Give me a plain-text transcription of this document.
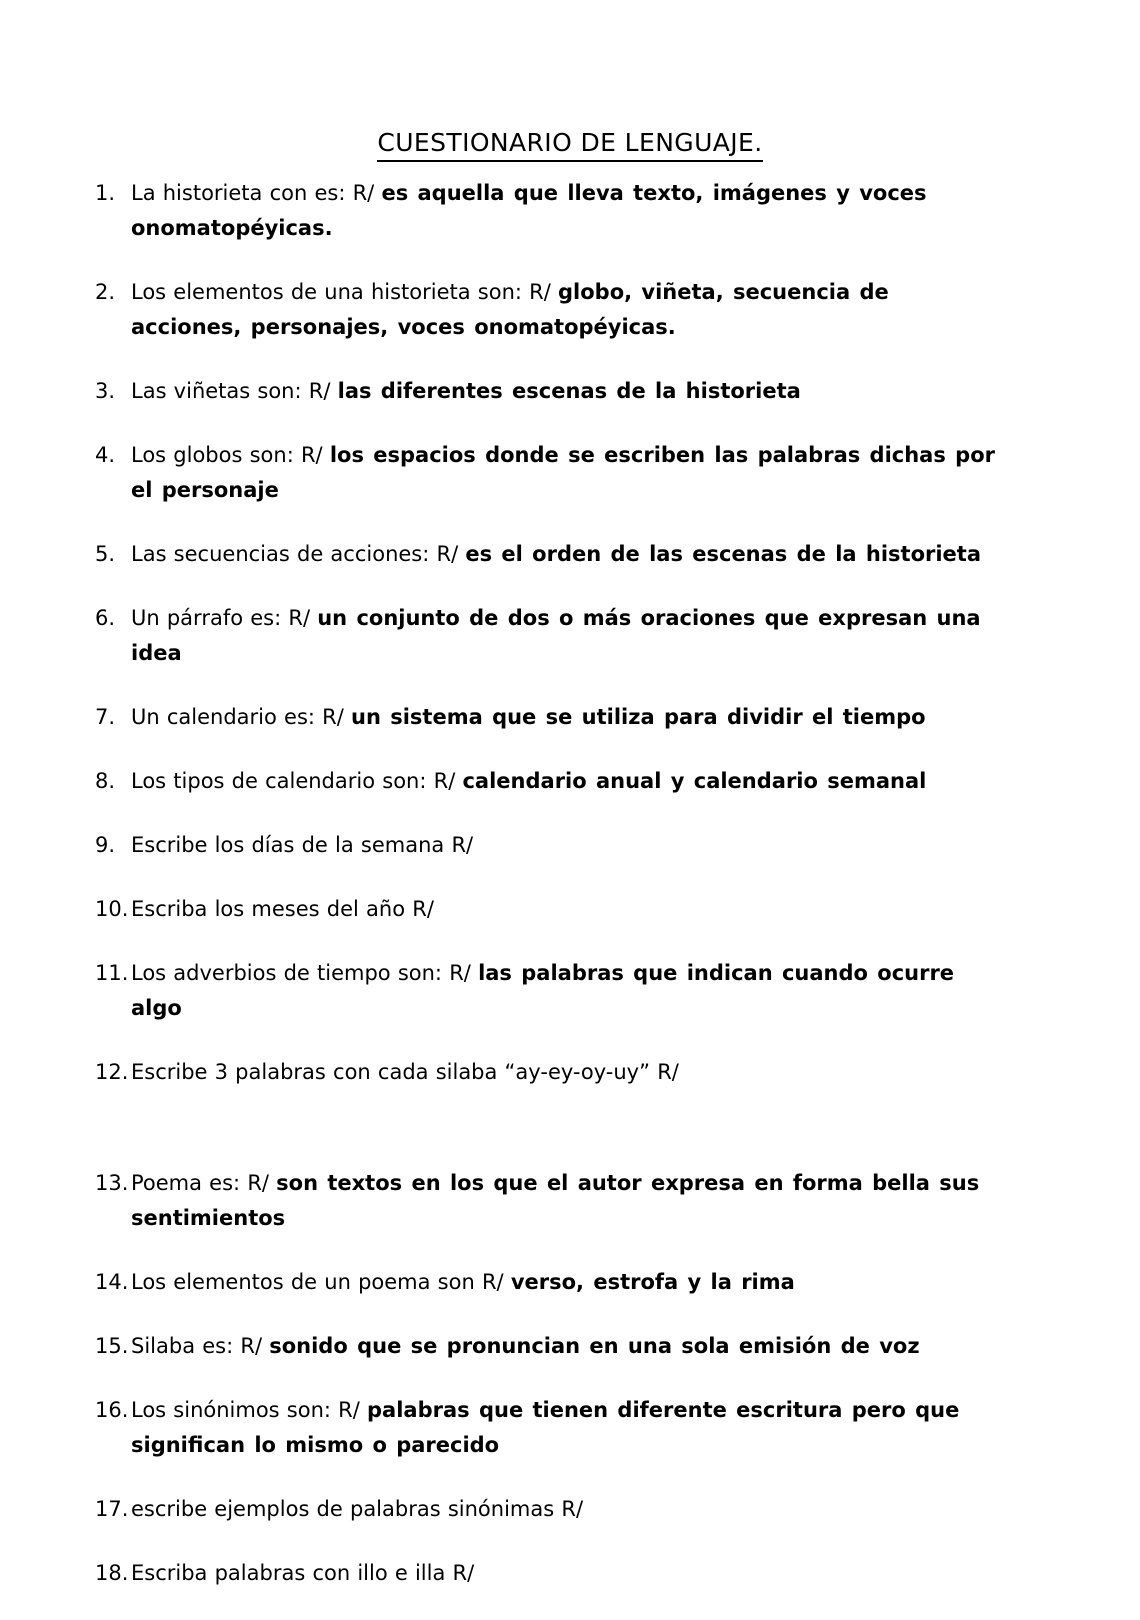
CUESTIONARIO DE LENGUAJE.
1. La historieta con es: R/ es aquella que lleva texto, imágenes y voces onomatopéyicas.
2. Los elementos de una historieta son: R/ globo, viñeta, secuencia de acciones, personajes, voces onomatopéyicas.
3. Las viñetas son: R/ las diferentes escenas de la historieta
4. Los globos son: R/ los espacios donde se escriben las palabras dichas por el personaje
5. Las secuencias de acciones: R/ es el orden de las escenas de la historieta
6. Un párrafo es: R/ un conjunto de dos o más oraciones que expresan una idea
7. Un calendario es: R/ un sistema que se utiliza para dividir el tiempo
8. Los tipos de calendario son: R/ calendario anual y calendario semanal
9. Escribe los días de la semana R/
10. Escriba los meses del año R/
11. Los adverbios de tiempo son: R/ las palabras que indican cuando ocurre algo
12. Escribe 3 palabras con cada silaba “ay-ey-oy-uy” R/
13. Poema es: R/ son textos en los que el autor expresa en forma bella sus sentimientos
14. Los elementos de un poema son R/ verso, estrofa y la rima
15. Silaba es: R/ sonido que se pronuncian en una sola emisión de voz
16. Los sinónimos son: R/ palabras que tienen diferente escritura pero que significan lo mismo o parecido
17. escribe ejemplos de palabras sinónimas R/
18. Escriba palabras con illo e illa R/
